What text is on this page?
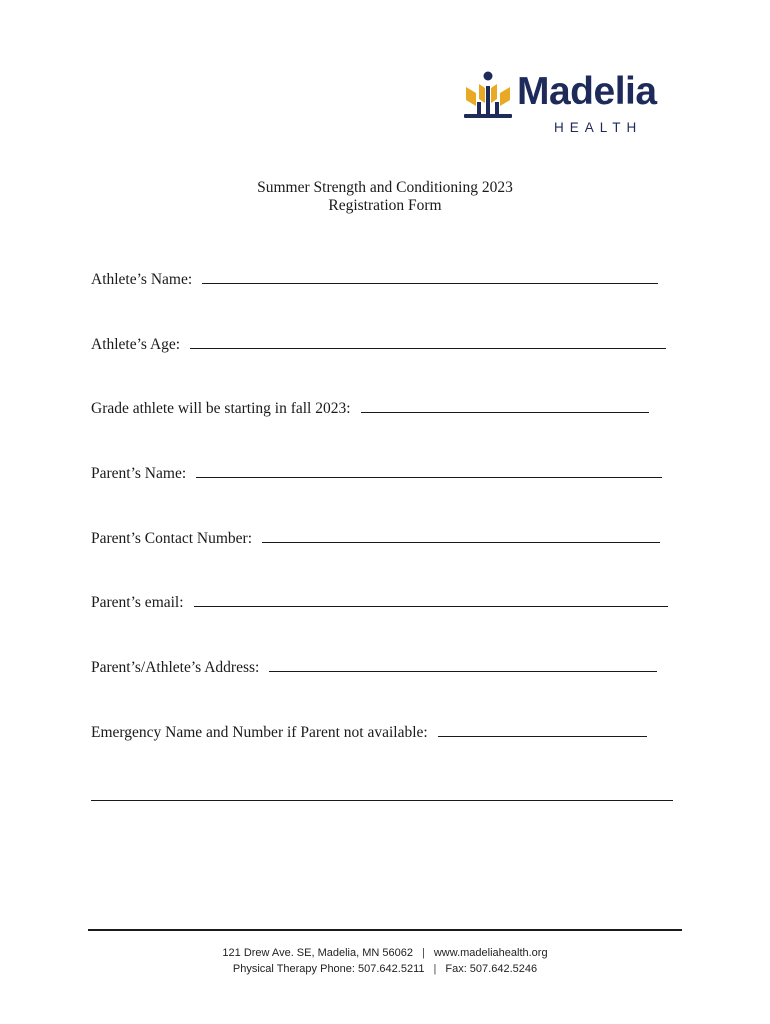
Madelia
HEALTH
Summer Strength and Conditioning 2023
Registration Form
Athlete’s Name:
Athlete’s Age:
Grade athlete will be starting in fall 2023:
Parent’s Name:
Parent’s Contact Number:
Parent’s email:
Parent’s/Athlete’s Address:
Emergency Name and Number if Parent not available:
121 Drew Ave. SE, Madelia, MN 56062 | www.madeliahealth.org
Physical Therapy Phone: 507.642.5211 | Fax: 507.642.5246
